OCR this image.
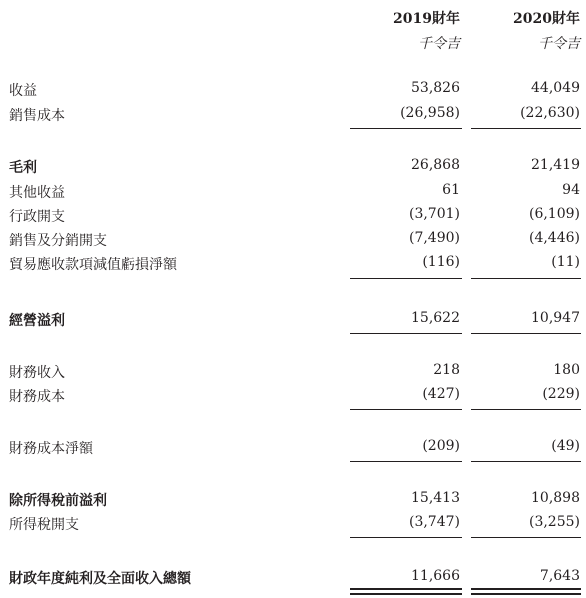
2019財年	2020財年
千令吉	千令吉
收益	53,826	44,049
銷售成本	(26,958)	(22,630)
毛利	26,868	21,419
其他收益	61	94
行政開支	(3,701)	(6,109)
銷售及分銷開支	(7,490)	(4,446)
貿易應收款項減值虧損淨額	(116)	(11)
經營溢利	15,622	10,947
財務收入	218	180
財務成本	(427)	(229)
財務成本淨額	(209)	(49)
除所得稅前溢利	15,413	10,898
所得稅開支	(3,747)	(3,255)
財政年度純利及全面收入總額	11,666	7,643
